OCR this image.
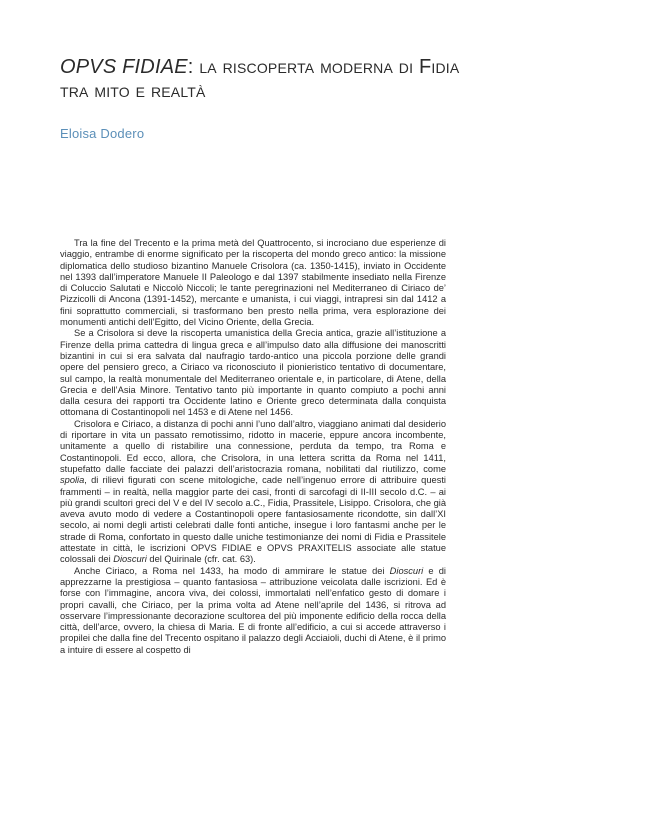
OPVS FIDIAE: la riscoperta moderna di Fidia tra mito e realtà
Eloisa Dodero

Tra la fine del Trecento e la prima metà del Quattrocento, si incrociano due esperienze di viaggio, entrambe di enorme significato per la riscoperta del mondo greco antico: la missione diplomatica dello studioso bizantino Manuele Crisolora (ca. 1350-1415), inviato in Occidente nel 1393 dall’imperatore Manuele II Paleologo e dal 1397 stabilmente insediato nella Firenze di Coluccio Salutati e Niccolò Niccoli; le tante peregrinazioni nel Mediterraneo di Ciriaco de’ Pizzicolli di Ancona (1391-1452), mercante e umanista, i cui viaggi, intrapresi sin dal 1412 a fini soprattutto commerciali, si trasformano ben presto nella prima, vera esplorazione dei monumenti antichi dell’Egitto, del Vicino Oriente, della Grecia.

Se a Crisolora si deve la riscoperta umanistica della Grecia antica, grazie all’istituzione a Firenze della prima cattedra di lingua greca e all’impulso dato alla diffusione dei manoscritti bizantini in cui si era salvata dal naufragio tardo-antico una piccola porzione delle grandi opere del pensiero greco, a Ciriaco va riconosciuto il pionieristico tentativo di documentare, sul campo, la realtà monumentale del Mediterraneo orientale e, in particolare, di Atene, della Grecia e dell’Asia Minore. Tentativo tanto più importante in quanto compiuto a pochi anni dalla cesura dei rapporti tra Occidente latino e Oriente greco determinata dalla conquista ottomana di Costantinopoli nel 1453 e di Atene nel 1456.

Crisolora e Ciriaco, a distanza di pochi anni l’uno dall’altro, viaggiano animati dal desiderio di riportare in vita un passato remotissimo, ridotto in macerie, eppure ancora incombente, unitamente a quello di ristabilire una connessione, perduta da tempo, tra Roma e Costantinopoli. Ed ecco, allora, che Crisolora, in una lettera scritta da Roma nel 1411, stupefatto dalle facciate dei palazzi dell’aristocrazia romana, nobilitati dal riutilizzo, come spolia, di rilievi figurati con scene mitologiche, cade nell’ingenuo errore di attribuire questi frammenti – in realtà, nella maggior parte dei casi, fronti di sarcofagi di II-III secolo d.C. – ai più grandi scultori greci del V e del IV secolo a.C., Fidia, Prassitele, Lisippo. Crisolora, che già aveva avuto modo di vedere a Costantinopoli opere fantasiosamente ricondotte, sin dall’XI secolo, ai nomi degli artisti celebrati dalle fonti antiche, insegue i loro fantasmi anche per le strade di Roma, confortato in questo dalle uniche testimonianze dei nomi di Fidia e Prassitele attestate in città, le iscrizioni OPVS FIDIAE e OPVS PRAXITELIS associate alle statue colossali dei Dioscuri del Quirinale (cfr. cat. 63).

Anche Ciriaco, a Roma nel 1433, ha modo di ammirare le statue dei Dioscuri e di apprezzarne la prestigiosa – quanto fantasiosa – attribuzione veicolata dalle iscrizioni. Ed è forse con l’immagine, ancora viva, dei colossi, immortalati nell’enfatico gesto di domare i propri cavalli, che Ciriaco, per la prima volta ad Atene nell’aprile del 1436, si ritrova ad osservare l’impressionante decorazione scultorea del più imponente edificio della rocca della città, dell’arce, ovvero, la chiesa di Maria. E di fronte all’edificio, a cui si accede attraverso i propilei che dalla fine del Trecento ospitano il palazzo degli Acciaioli, duchi di Atene, è il primo a intuire di essere al cospetto di
